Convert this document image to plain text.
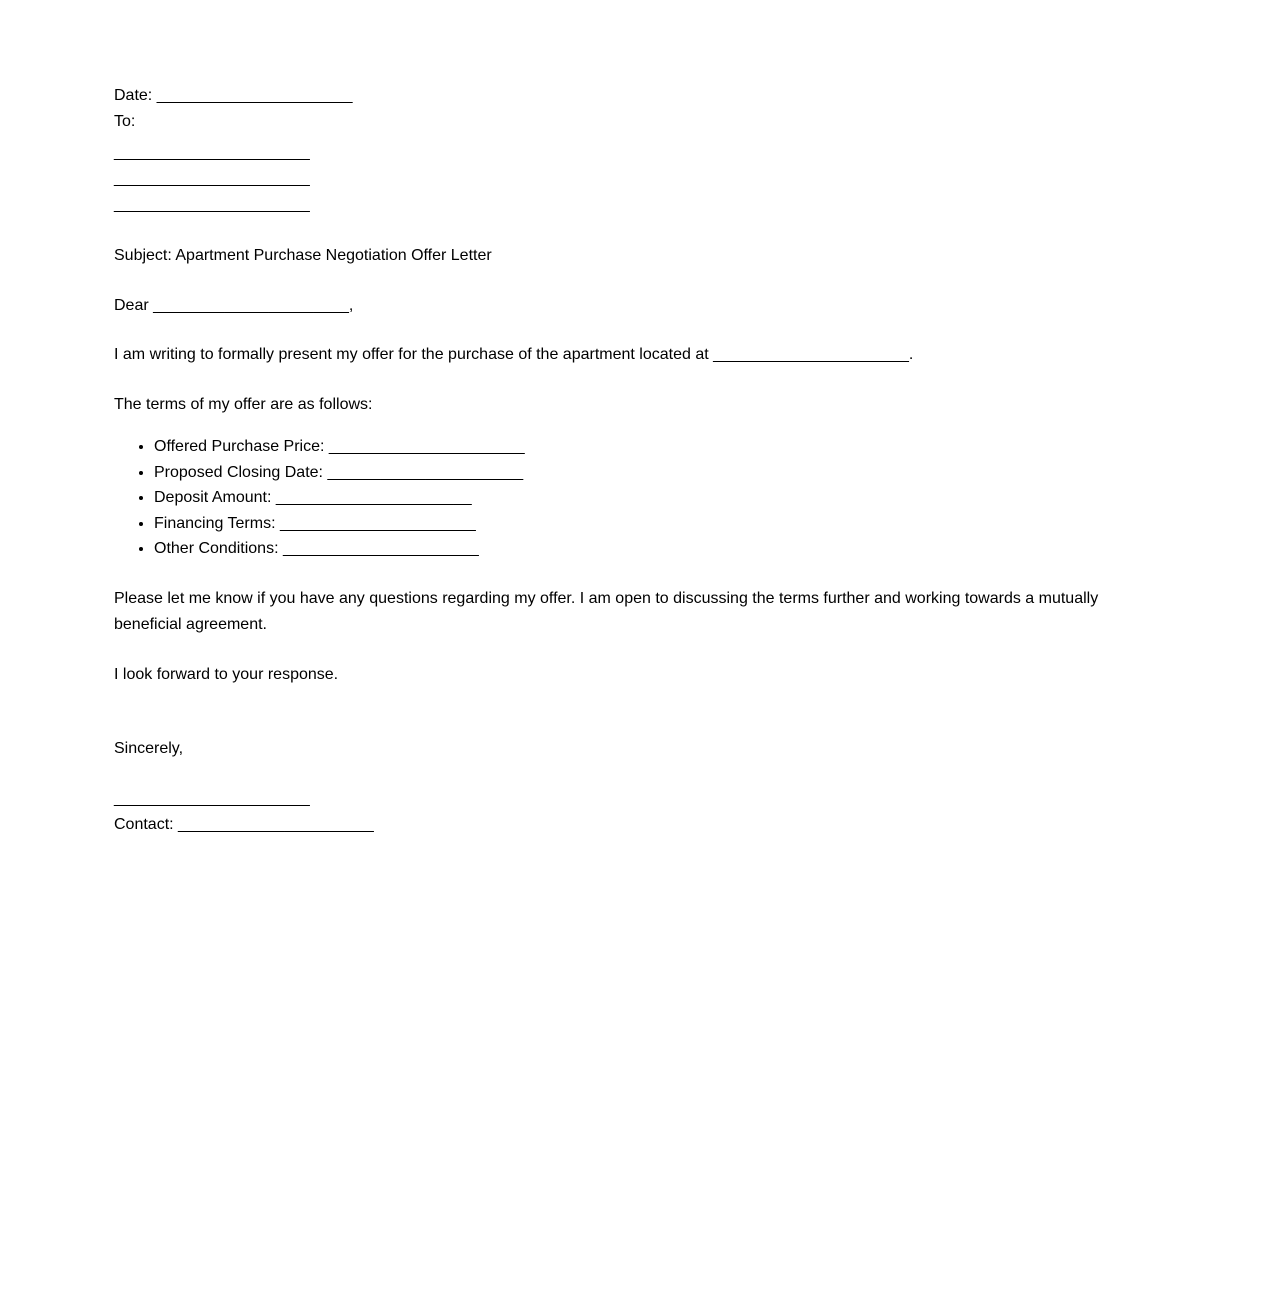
Date: ______________________

To:

______________________

______________________

______________________

Subject: Apartment Purchase Negotiation Offer Letter

Dear ______________________,

I am writing to formally present my offer for the purchase of the apartment located at ______________________.

The terms of my offer are as follows:

• Offered Purchase Price: ______________________
• Proposed Closing Date: ______________________
• Deposit Amount: ______________________
• Financing Terms: ______________________
• Other Conditions: ______________________

Please let me know if you have any questions regarding my offer. I am open to discussing the terms further and working towards a mutually beneficial agreement.

I look forward to your response.

Sincerely,

______________________

Contact: ______________________
